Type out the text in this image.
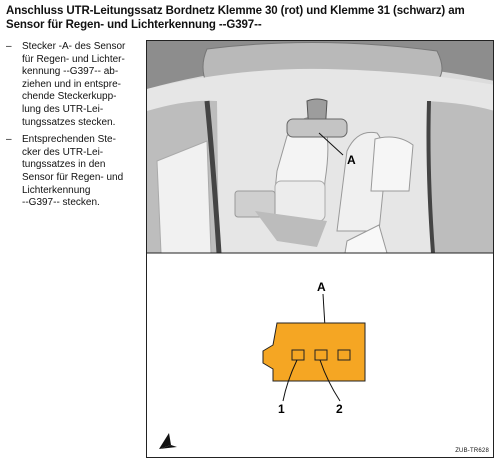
Anschluss UTR-Leitungssatz Bordnetz Klemme 30 (rot) und Klemme 31 (schwarz) am Sensor für Regen- und Lichterkennung --G397--
– Stecker -A- des Sensor
für Regen- und Lichter-
kennung --G397-- ab-
ziehen und in entspre-
chende Steckerkupp-
lung des UTR-Lei-
tungssatzes stecken.
– Entsprechenden Ste-
cker des UTR-Lei-
tungssatzes in den
Sensor für Regen- und
Lichterkennung
--G397-- stecken.
A
A
1	2
ZUB-TR628
